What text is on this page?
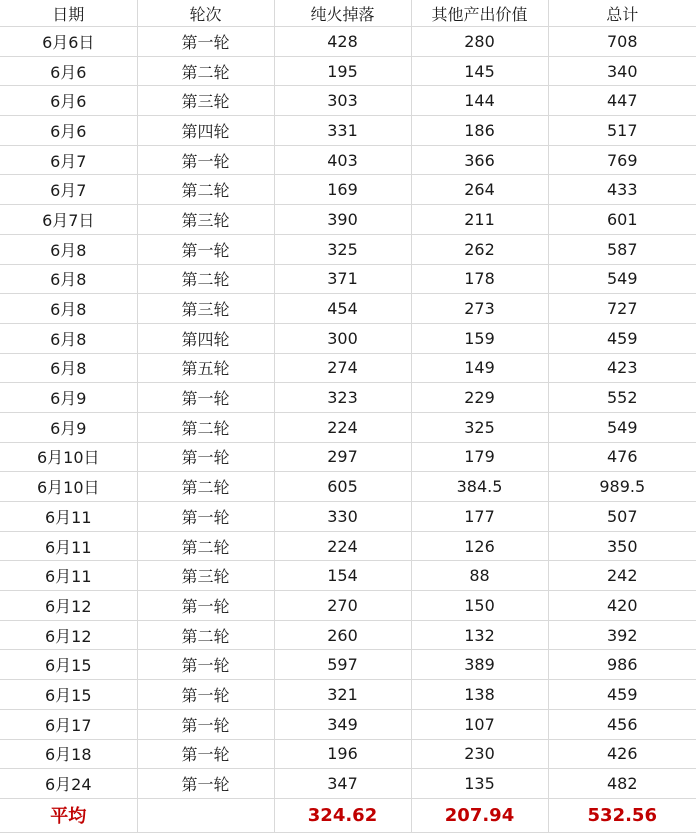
日期	轮次	纯火掉落	其他产出价值	总计
6月6日	第一轮	428	280	708
6月6	第二轮	195	145	340
6月6	第三轮	303	144	447
6月6	第四轮	331	186	517
6月7	第一轮	403	366	769
6月7	第二轮	169	264	433
6月7日	第三轮	390	211	601
6月8	第一轮	325	262	587
6月8	第二轮	371	178	549
6月8	第三轮	454	273	727
6月8	第四轮	300	159	459
6月8	第五轮	274	149	423
6月9	第一轮	323	229	552
6月9	第二轮	224	325	549
6月10日	第一轮	297	179	476
6月10日	第二轮	605	384.5	989.5
6月11	第一轮	330	177	507
6月11	第二轮	224	126	350
6月11	第三轮	154	88	242
6月12	第一轮	270	150	420
6月12	第二轮	260	132	392
6月15	第一轮	597	389	986
6月15	第一轮	321	138	459
6月17	第一轮	349	107	456
6月18	第一轮	196	230	426
6月24	第一轮	347	135	482
平均		324.62	207.94	532.56
